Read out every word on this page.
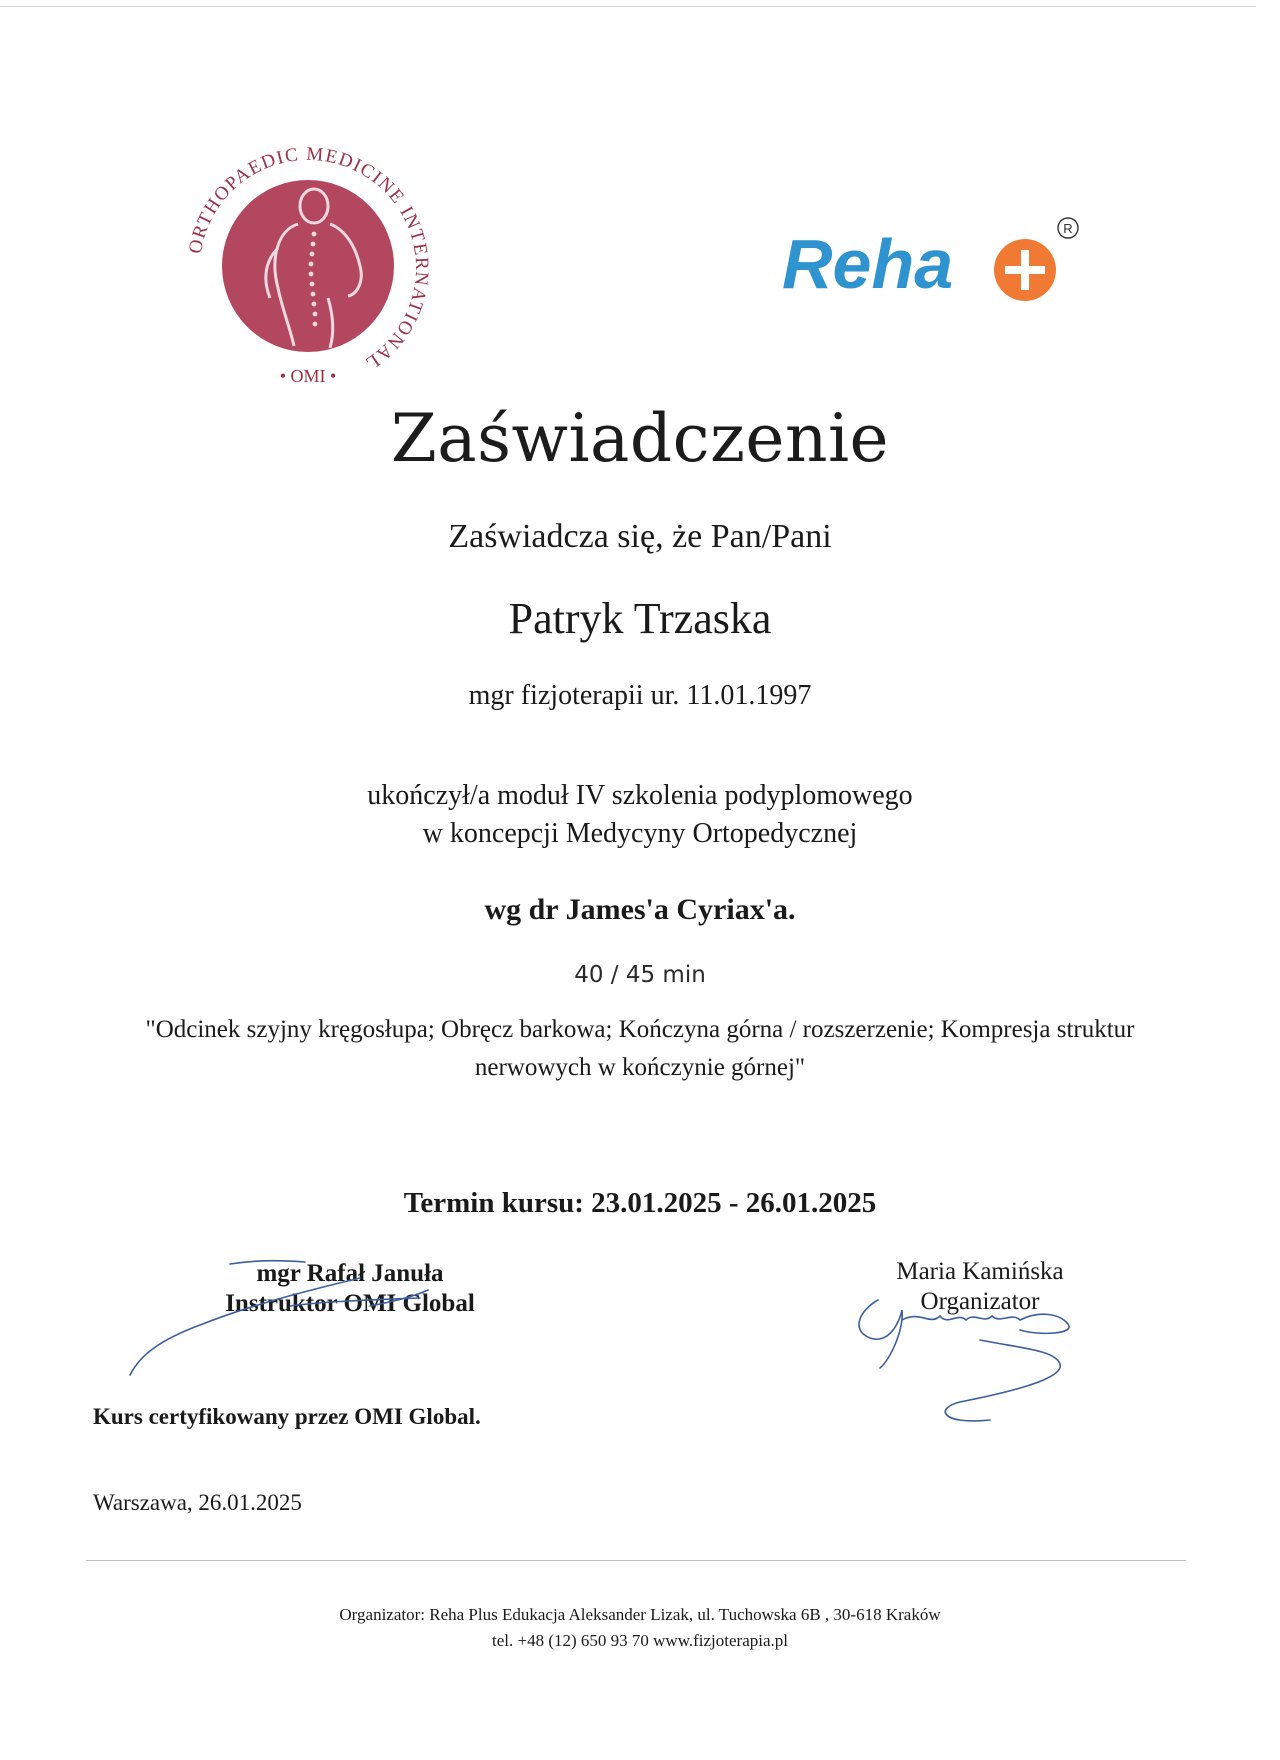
ORTHOPAEDIC MEDICINE INTERNATIONAL
• OMI •
Reha	R
Zaświadczenie
Zaświadcza się, że Pan/Pani
Patryk Trzaska
mgr fizjoterapii ur. 11.01.1997
ukończył/a moduł IV szkolenia podyplomowego
w koncepcji Medycyny Ortopedycznej
wg dr James'a Cyriax'a.
40 / 45 min
"Odcinek szyjny kręgosłupa; Obręcz barkowa; Kończyna górna / rozszerzenie; Kompresja struktur
nerwowych w kończynie górnej"
Termin kursu: 23.01.2025 - 26.01.2025
mgr Rafał Januła
Instruktor OMI Global
Maria Kamińska
Organizator
Kurs certyfikowany przez OMI Global.
Warszawa, 26.01.2025
Organizator: Reha Plus Edukacja Aleksander Lizak, ul. Tuchowska 6B , 30-618 Kraków
tel. +48 (12) 650 93 70 www.fizjoterapia.pl
